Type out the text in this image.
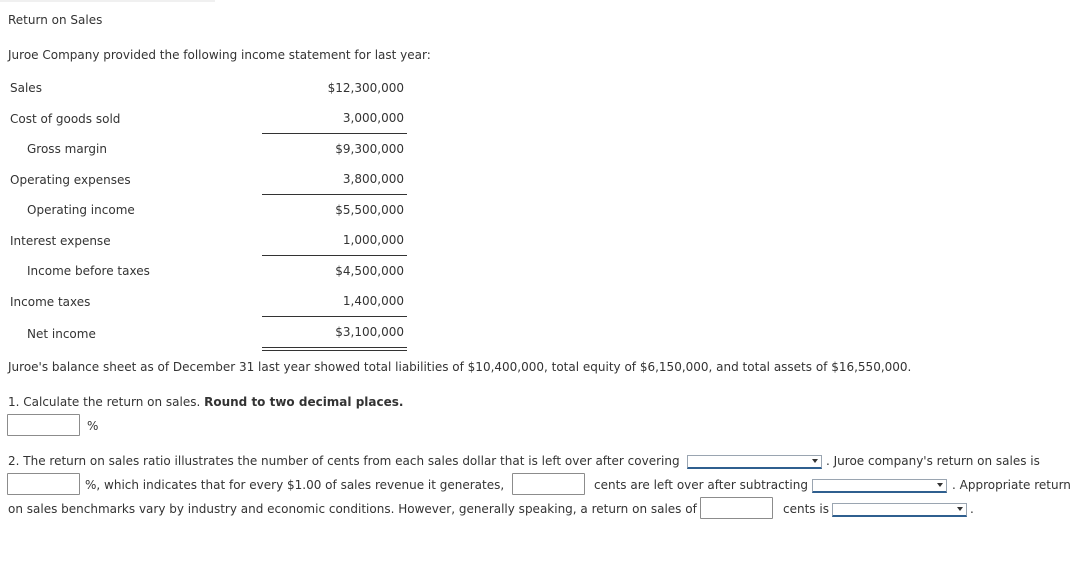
Return on Sales
Juroe Company provided the following income statement for last year:
Sales	$12,300,000
Cost of goods sold	3,000,000
Gross margin	$9,300,000
Operating expenses	3,800,000
Operating income	$5,500,000
Interest expense	1,000,000
Income before taxes	$4,500,000
Income taxes	1,400,000
Net income	$3,100,000
Juroe's balance sheet as of December 31 last year showed total liabilities of $10,400,000, total equity of $6,150,000, and total assets of $16,550,000.
1. Calculate the return on sales. Round to two decimal places.
%
2. The return on sales ratio illustrates the number of cents from each sales dollar that is left over after covering	. Juroe company's return on sales is
%, which indicates that for every $1.00 of sales revenue it generates,	cents are left over after subtracting	. Appropriate return
on sales benchmarks vary by industry and economic conditions. However, generally speaking, a return on sales of	cents is	.
